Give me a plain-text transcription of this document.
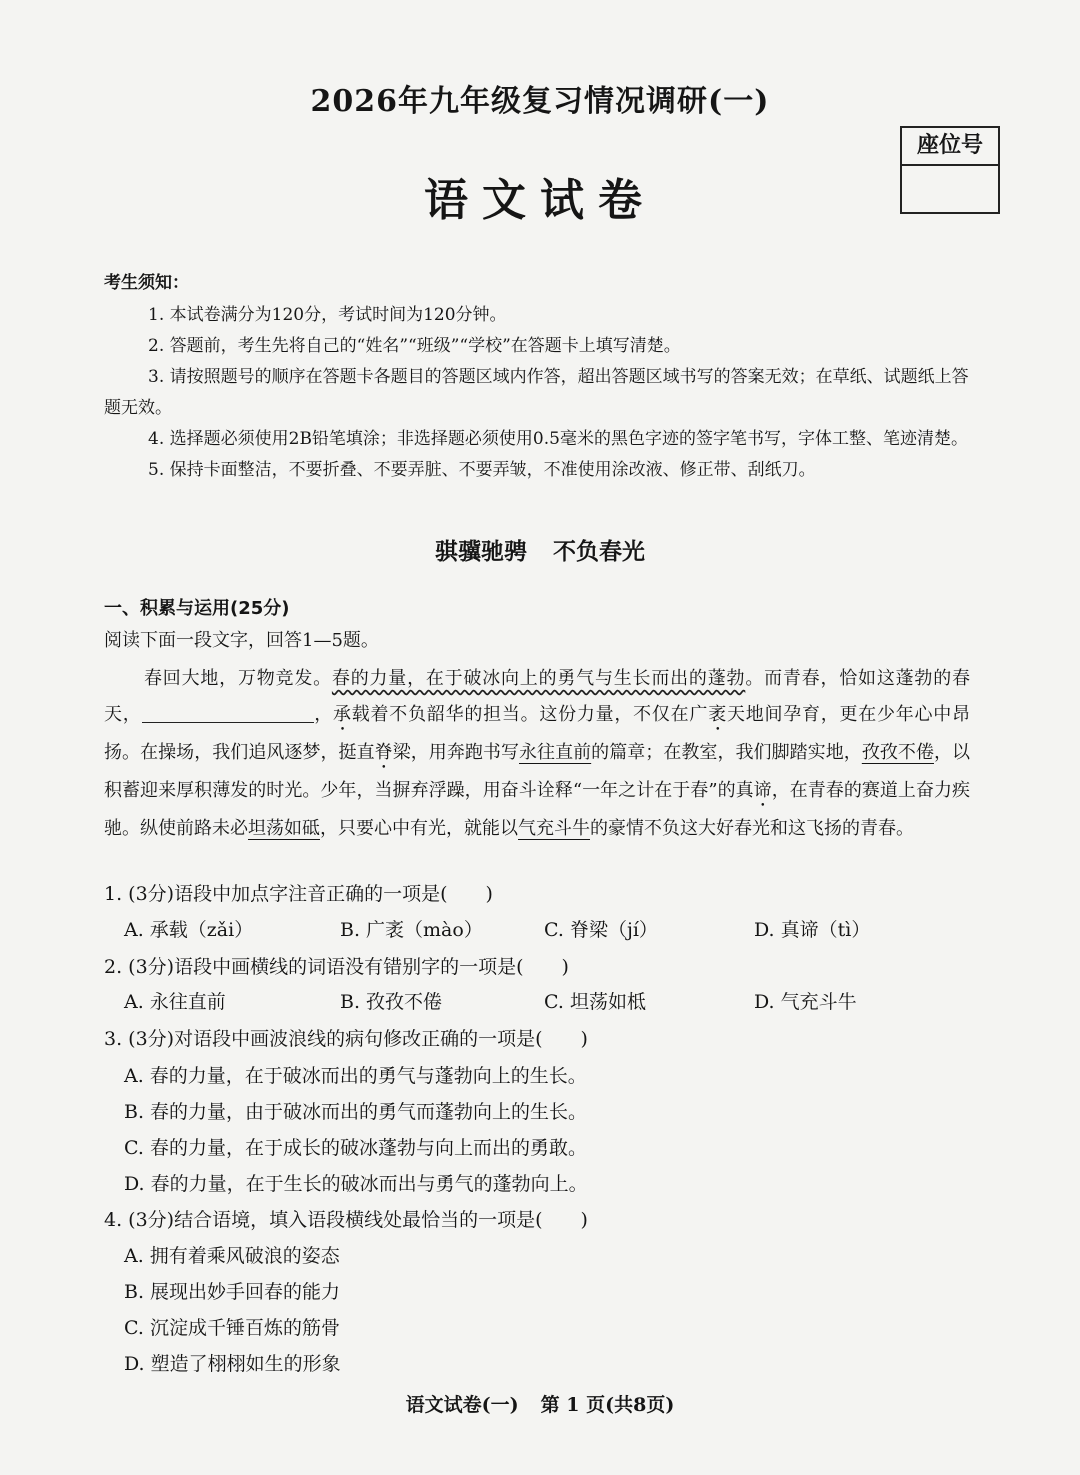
2026年九年级复习情况调研(一)
座位号
语文试卷
考生须知：
1. 本试卷满分为120分，考试时间为120分钟。
2. 答题前，考生先将自己的“姓名”“班级”“学校”在答题卡上填写清楚。
3. 请按照题号的顺序在答题卡各题目的答题区域内作答，超出答题区域书写的答案无效；在草纸、试题纸上答题无效。
4. 选择题必须使用2B铅笔填涂；非选择题必须使用0.5毫米的黑色字迹的签字笔书写，字体工整、笔迹清楚。
5. 保持卡面整洁，不要折叠、不要弄脏、不要弄皱，不准使用涂改液、修正带、刮纸刀。
骐骥驰骋 不负春光
一、积累与运用(25分)
阅读下面一段文字，回答1—5题。
春回大地，万物竞发。春的力量，在于破冰向上的勇气与生长而出的蓬勃。而青春，恰如这蓬勃的春天，	，承载着不负韶华的担当。这份力量，不仅在广袤天地间孕育，更在少年心中昂扬。在操场，我们追风逐梦，挺直脊梁，用奔跑书写永往直前的篇章；在教室，我们脚踏实地，孜孜不倦，以积蓄迎来厚积薄发的时光。少年，当摒弃浮躁，用奋斗诠释“一年之计在于春”的真谛，在青春的赛道上奋力疾驰。纵使前路未必坦荡如砥，只要心中有光，就能以气充斗牛的豪情不负这大好春光和这飞扬的青春。
1. (3分)语段中加点字注音正确的一项是(　　)
A. 承载（zǎi）	B. 广袤（mào）	C. 脊梁（jí）	D. 真谛（tì）
2. (3分)语段中画横线的词语没有错别字的一项是(　　)
A. 永往直前	B. 孜孜不倦	C. 坦荡如柢	D. 气充斗牛
3. (3分)对语段中画波浪线的病句修改正确的一项是(　　)
A. 春的力量，在于破冰而出的勇气与蓬勃向上的生长。
B. 春的力量，由于破冰而出的勇气而蓬勃向上的生长。
C. 春的力量，在于成长的破冰蓬勃与向上而出的勇敢。
D. 春的力量，在于生长的破冰而出与勇气的蓬勃向上。
4. (3分)结合语境，填入语段横线处最恰当的一项是(　　)
A. 拥有着乘风破浪的姿态
B. 展现出妙手回春的能力
C. 沉淀成千锤百炼的筋骨
D. 塑造了栩栩如生的形象
语文试卷(一) 第 1 页(共8页)
